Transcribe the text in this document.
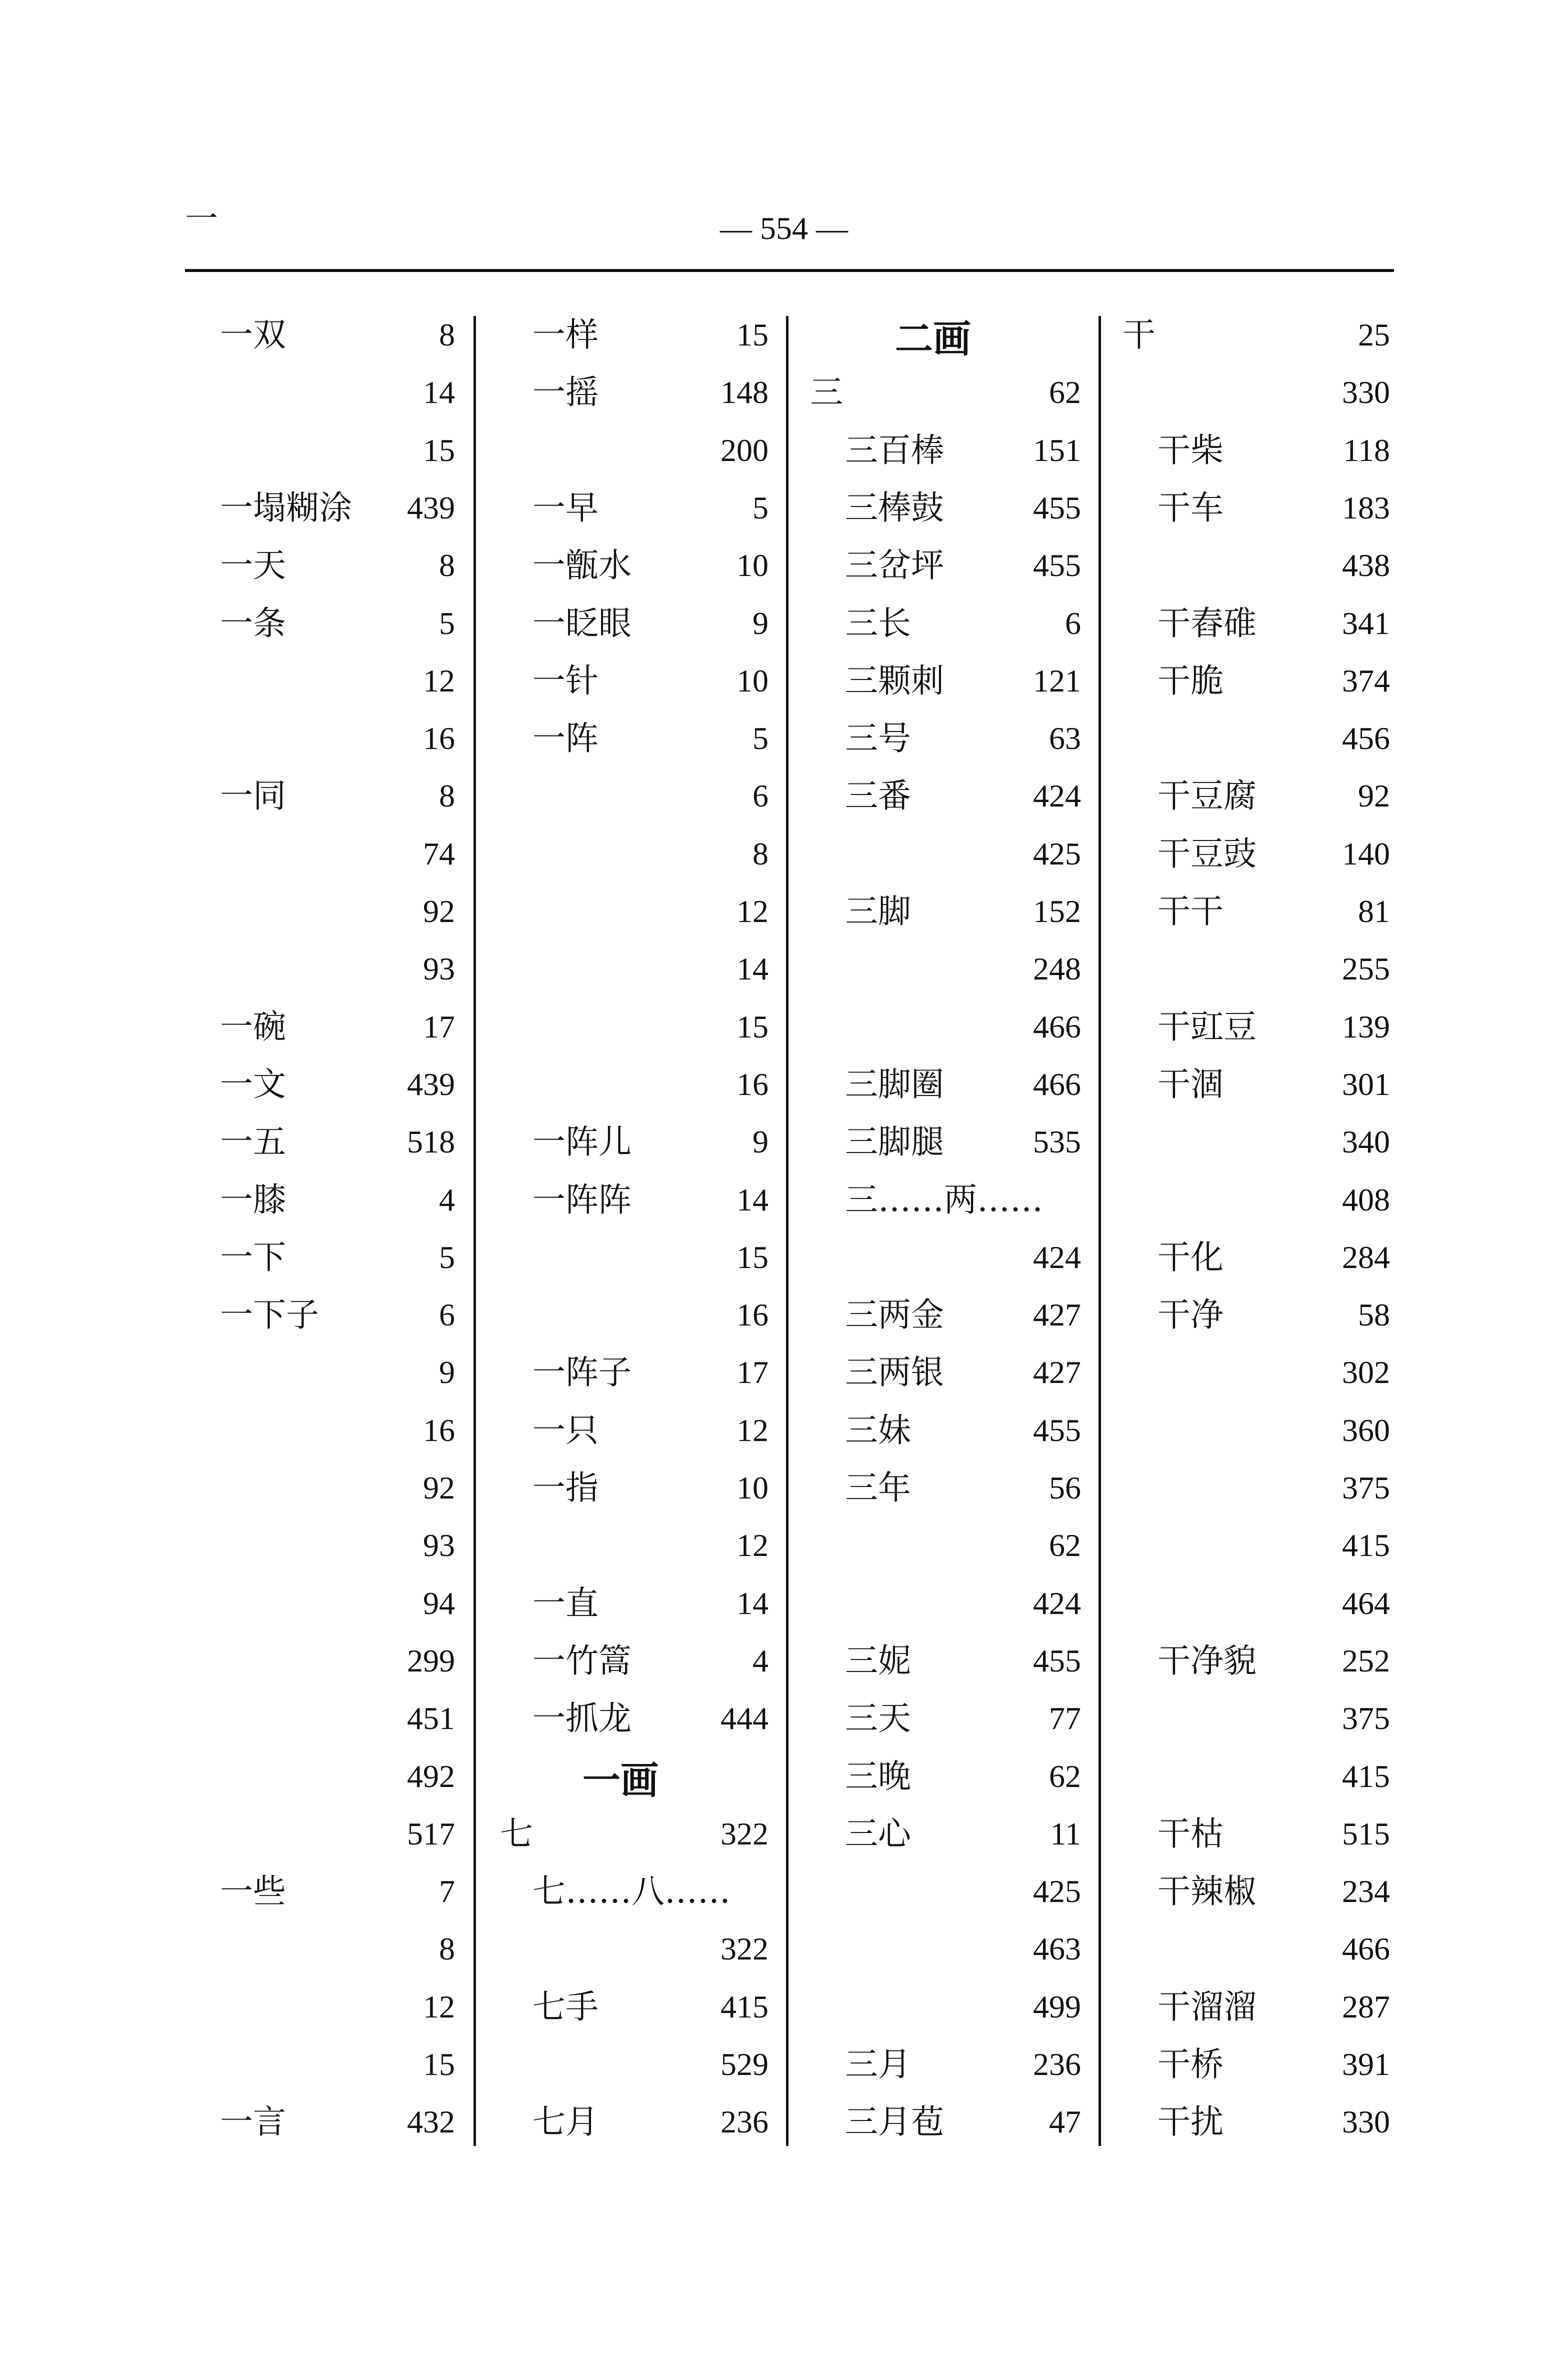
一	— 554 —
一双	8
14
15
一塌糊涂 439
一天	8
一条	5
12
16
一同	8
74
92
93
一碗	17
一文	439
一五	518
一膝	4
一下	5
一下子	6
9
16
92
93
94
299
451
492
517
一些	7
8
12
15
一言	432
一样	15
一摇	148
200
一早	5
一甑水	10
一眨眼	9
一针	10
一阵	5
6
8
12
14
15
16
一阵儿	9
一阵阵	14
15
16
一阵子	17
一只	12
一指	10
12
一直	14
一竹篙	4
一抓龙	444
一画
七	322
七……八……
322
七手	415
529
七月	236
二画
三	62
三百棒	151
三棒鼓	455
三岔坪	455
三长	6
三颗刺	121
三号	63
三番	424
425
三脚	152
248
466
三脚圈	466
三脚腿	535
三……两……
424
三两金	427
三两银	427
三妹	455
三年	56
62
424
三妮	455
三天	77
三晚	62
三心	11
425
463
499
三月	236
三月苞	47
干	25
330
干柴	118
干车	183
438
干舂碓	341
干脆	374
456
干豆腐	92
干豆豉	140
干干	81
255
干豇豆	139
干涸	301
340
408
干化	284
干净	58
302
360
375
415
464
干净貌	252
375
415
干枯	515
干辣椒	234
466
干溜溜	287
干桥	391
干扰	330
